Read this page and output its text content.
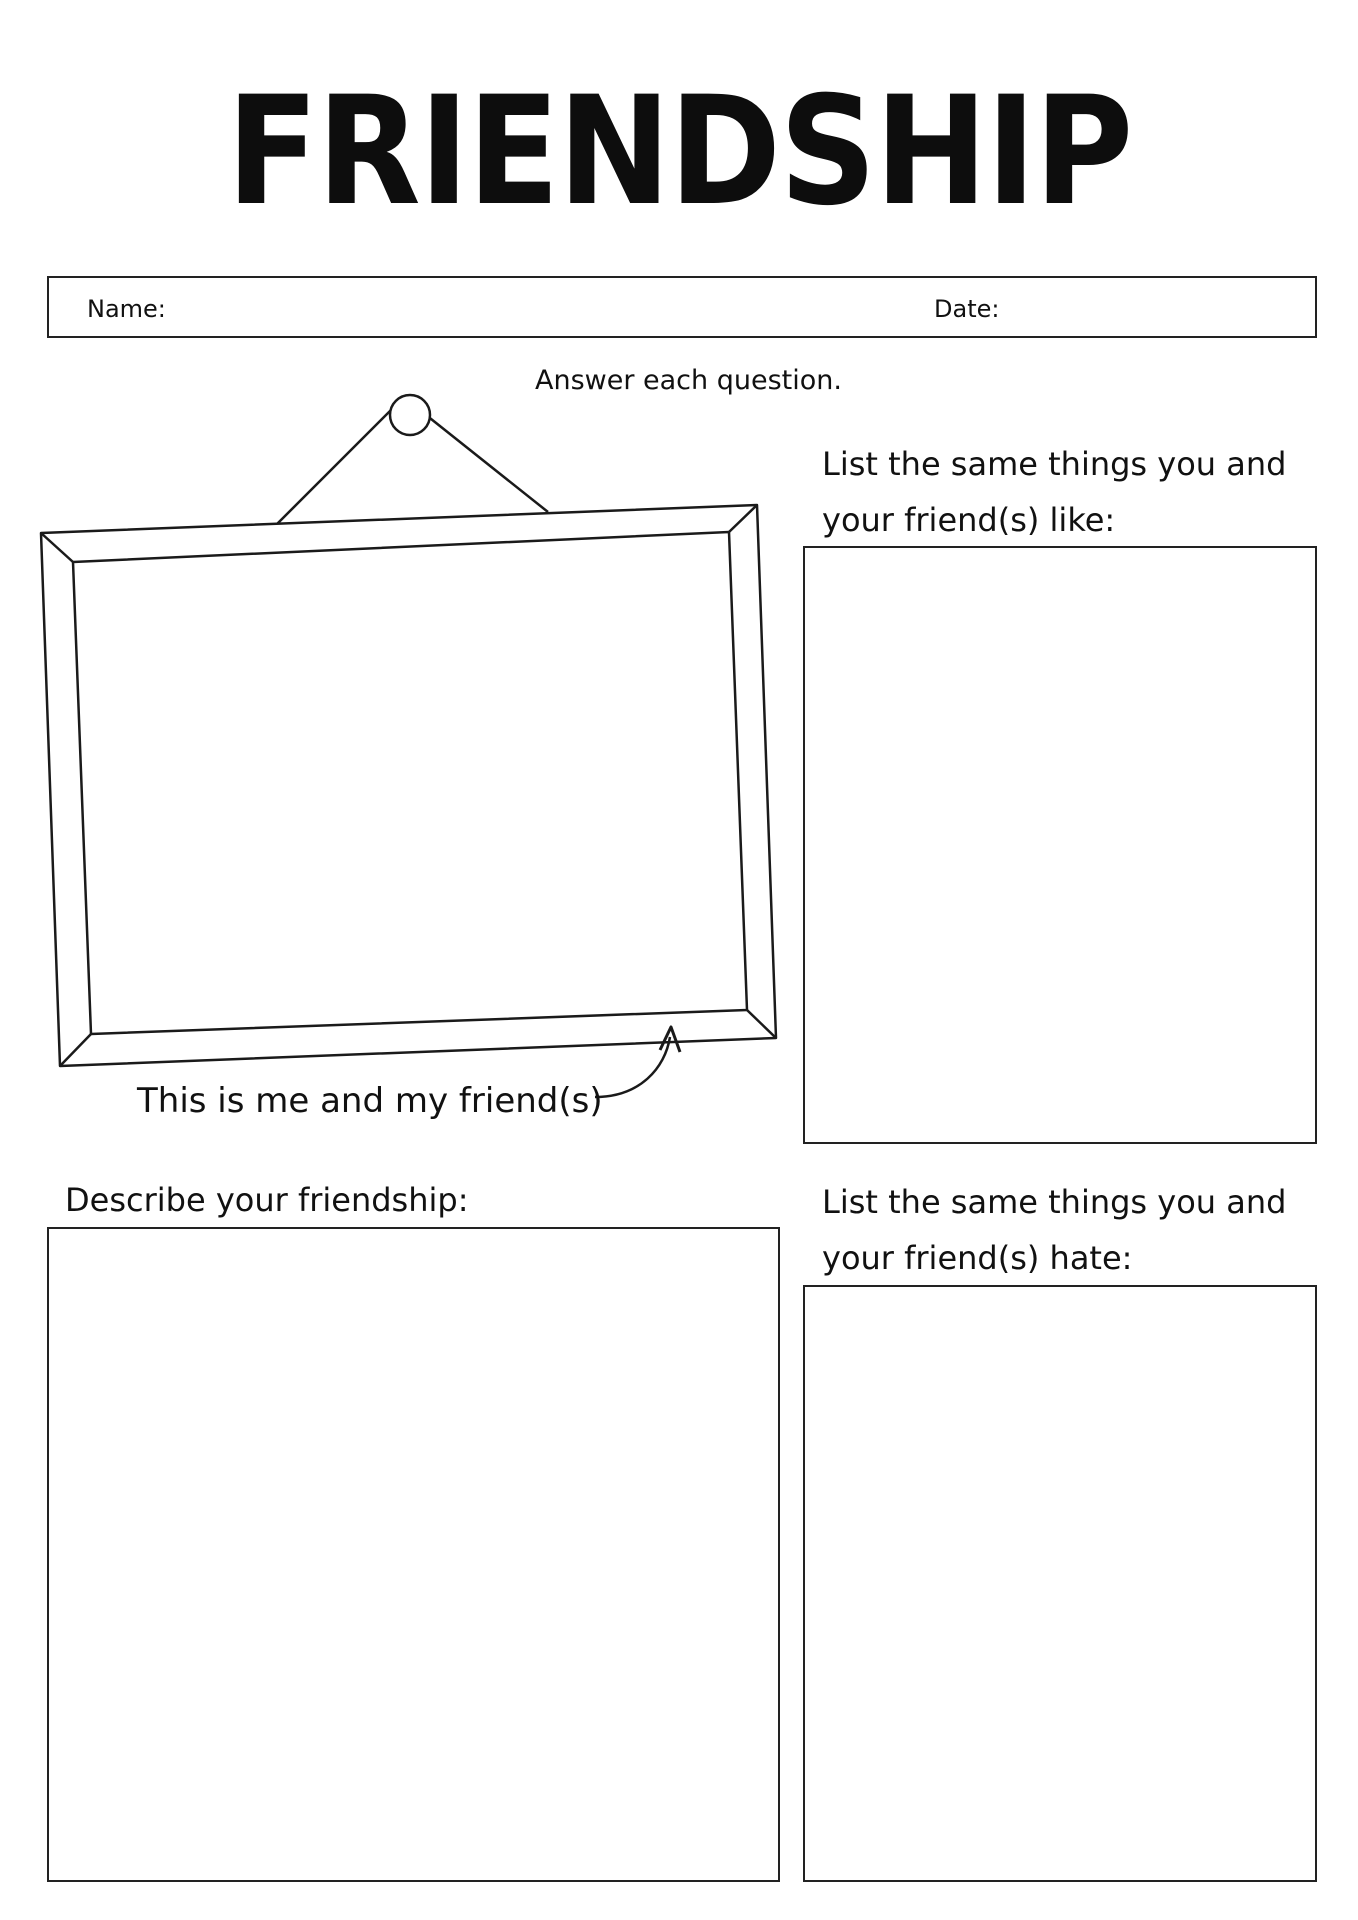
FRIENDSHIP
Name:	Date:
Answer each question.
This is me and my friend(s)
List the same things you and
your friend(s) like:
Describe your friendship:	List the same things you and
your friend(s) hate:
